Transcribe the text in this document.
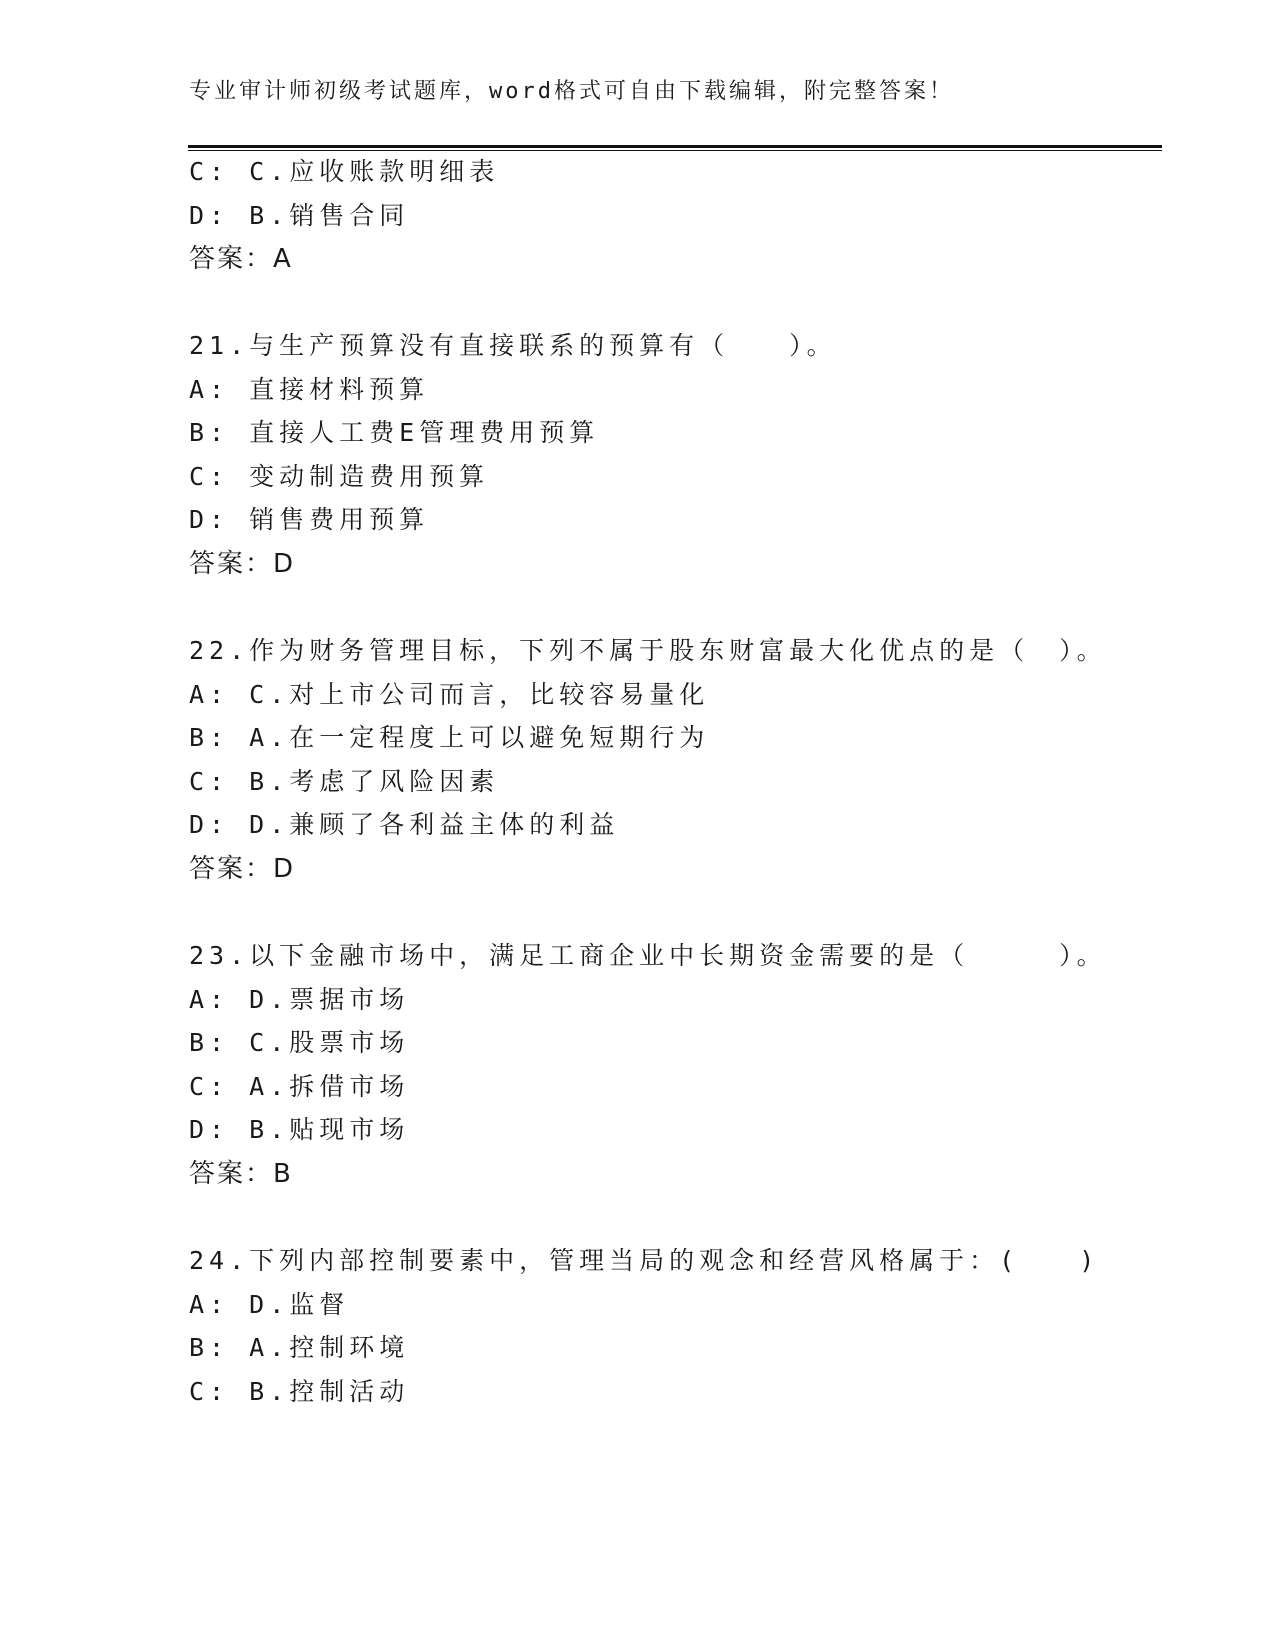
专业审计师初级考试题库，word格式可自由下载编辑，附完整答案！
C: C.应收账款明细表
D: B.销售合同
答案：A
21.与生产预算没有直接联系的预算有（　　）。
A: 直接材料预算
B: 直接人工费E管理费用预算
C: 变动制造费用预算
D: 销售费用预算
答案：D
22.作为财务管理目标，下列不属于股东财富最大化优点的是（　）。
A: C.对上市公司而言，比较容易量化
B: A.在一定程度上可以避免短期行为
C: B.考虑了风险因素
D: D.兼顾了各利益主体的利益
答案：D
23.以下金融市场中，满足工商企业中长期资金需要的是（　　　）。
A: D.票据市场
B: C.股票市场
C: A.拆借市场
D: B.贴现市场
答案：B
24.下列内部控制要素中，管理当局的观念和经营风格属于：(　　)
A: D.监督
B: A.控制环境
C: B.控制活动
